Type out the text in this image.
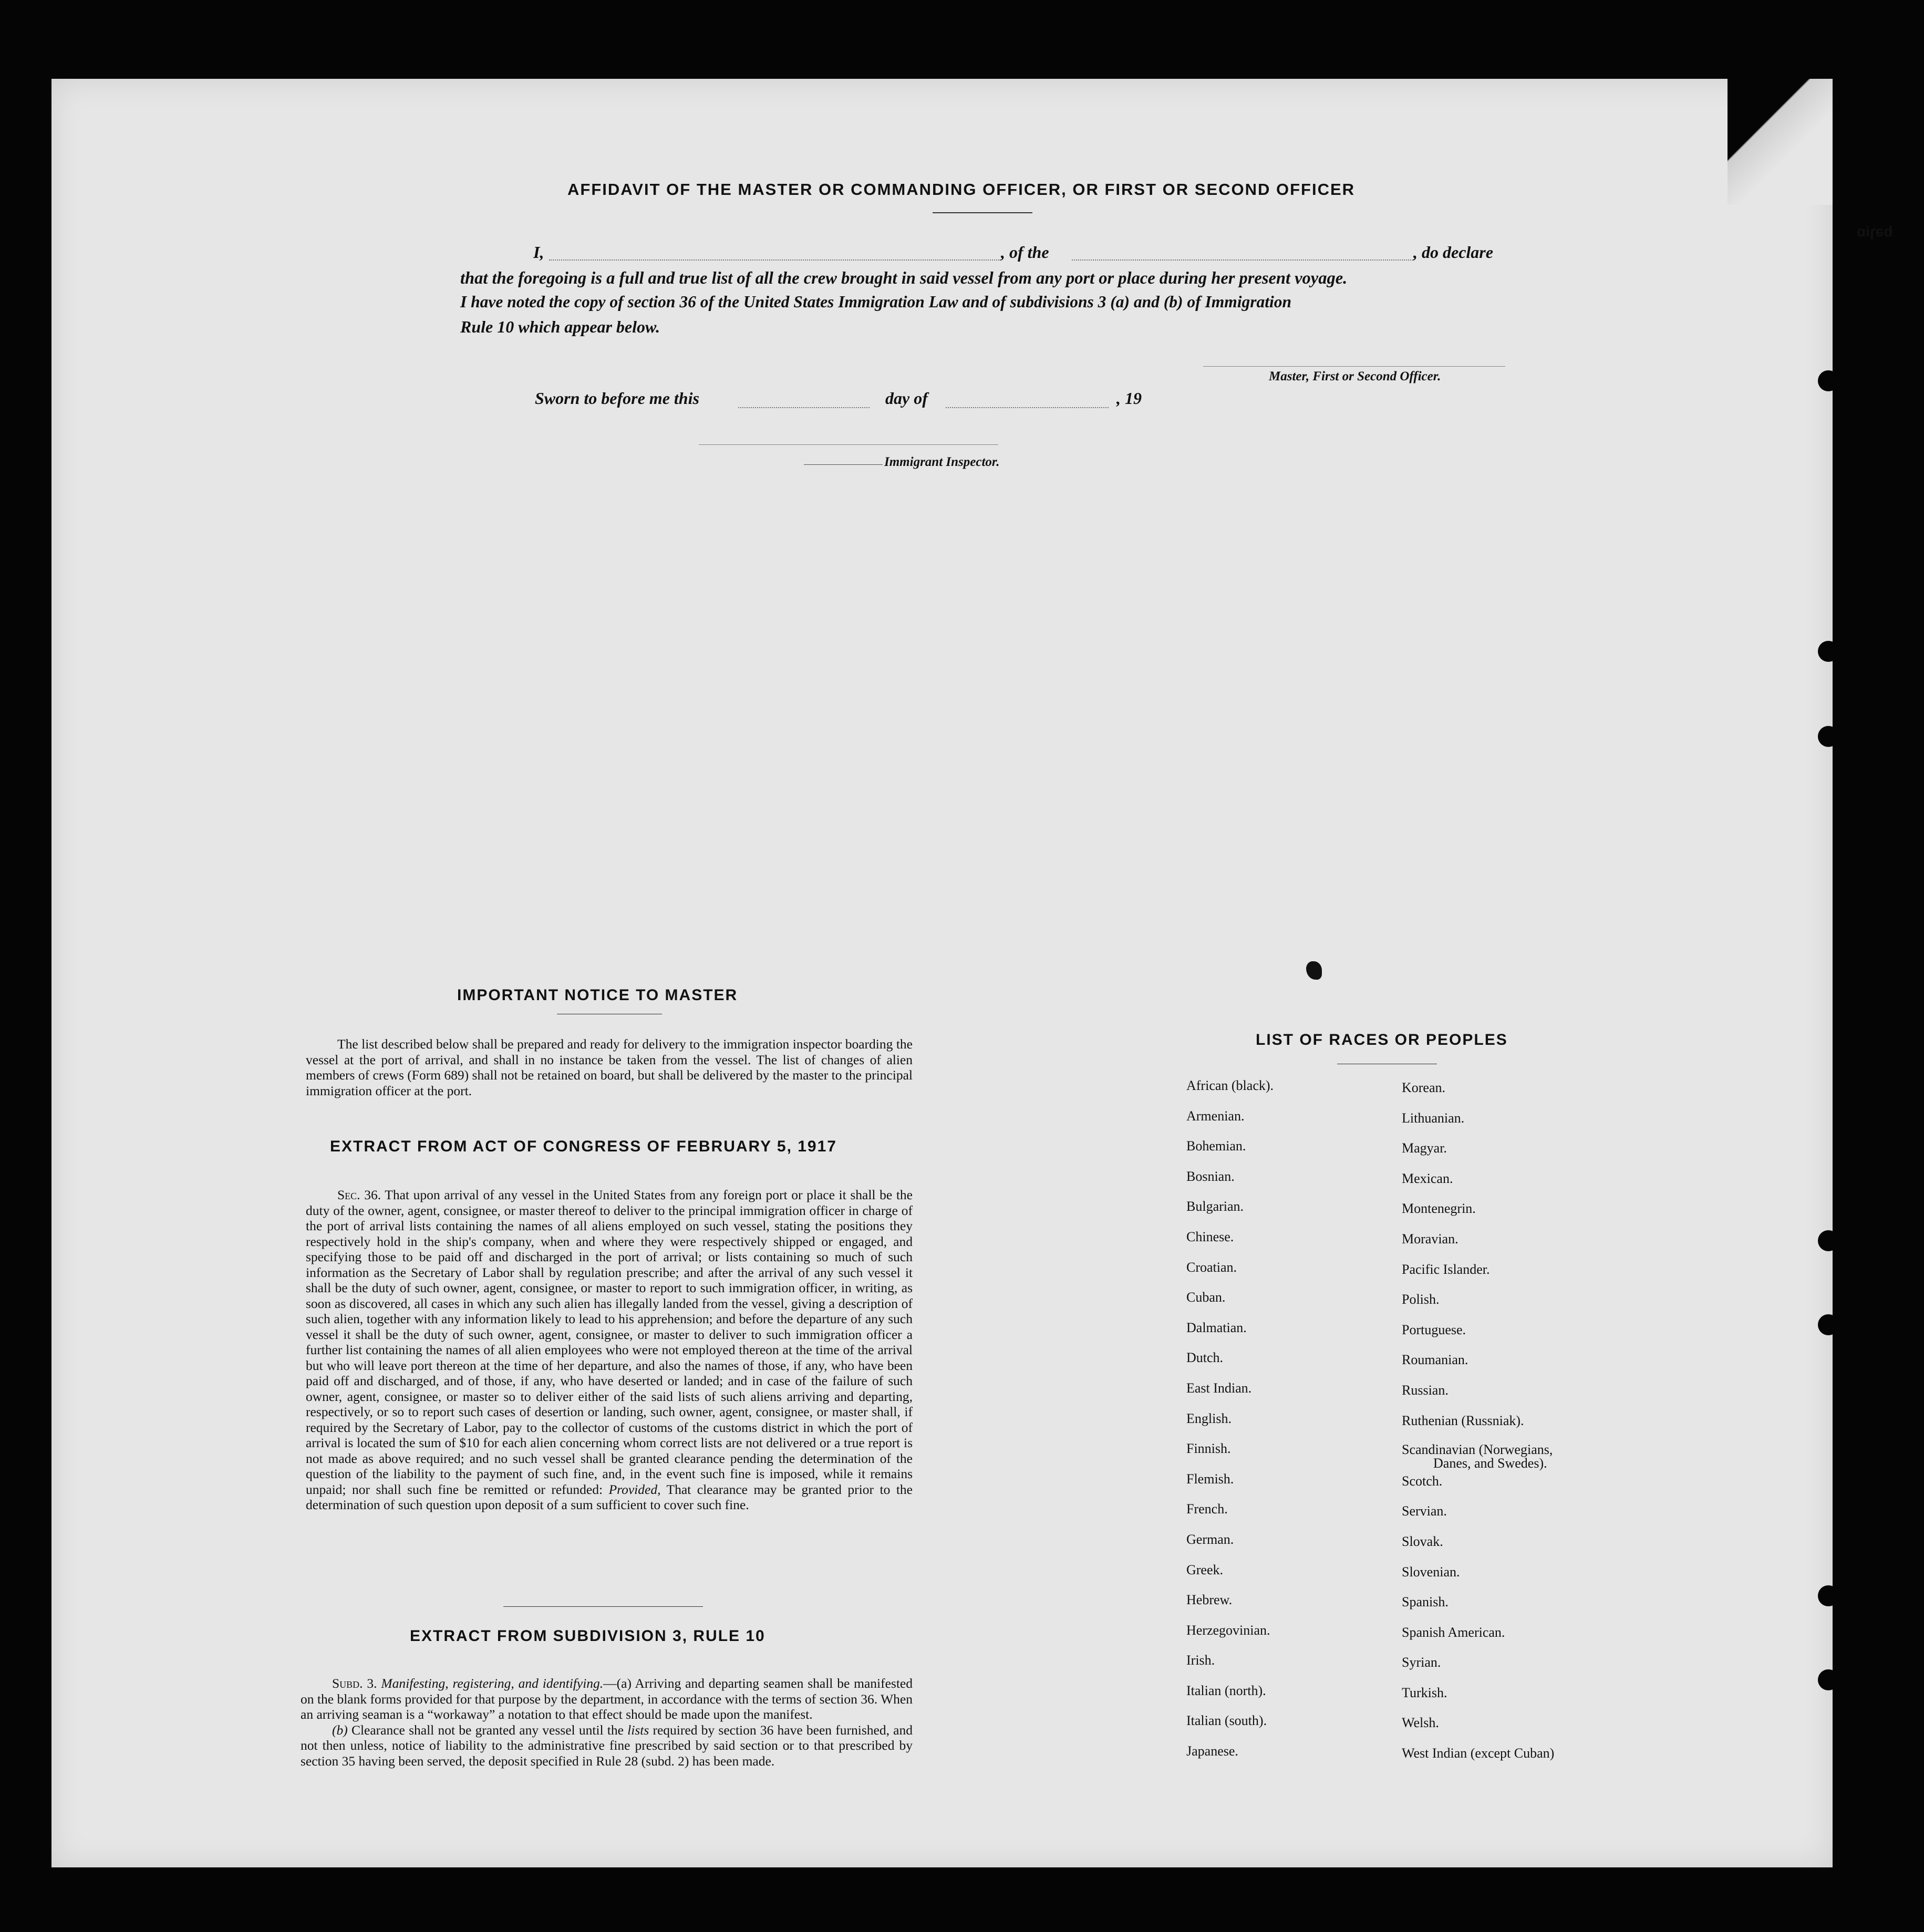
bəɿiɒ
AFFIDAVIT OF THE MASTER OR COMMANDING OFFICER, OR FIRST OR SECOND OFFICER
I,	, of the	, do declare
that the foregoing is a full and true list of all the crew brought in said vessel from any port or place during her present voyage.
I have noted the copy of section 36 of the United States Immigration Law and of subdivisions 3 (a) and (b) of Immigration
Rule 10 which appear below.
Master, First or Second Officer.
Sworn to before me this	day of	, 19
Immigrant Inspector.
IMPORTANT NOTICE TO MASTER

The list described below shall be prepared and ready for delivery to the immigration inspector boarding the vessel at the port of arrival, and shall in no instance be taken from the vessel. The list of changes of alien members of crews (Form 689) shall not be retained on board, but shall be delivered by the master to the principal immigration officer at the port.

EXTRACT FROM ACT OF CONGRESS OF FEBRUARY 5, 1917

Sec. 36. That upon arrival of any vessel in the United States from any foreign port or place it shall be the duty of the owner, agent, consignee, or master thereof to deliver to the principal immigration officer in charge of the port of arrival lists containing the names of all aliens employed on such vessel, stating the positions they respectively hold in the ship's company, when and where they were respectively shipped or engaged, and specifying those to be paid off and discharged in the port of arrival; or lists containing so much of such information as the Secretary of Labor shall by regulation prescribe; and after the arrival of any such vessel it shall be the duty of such owner, agent, consignee, or master to report to such immigration officer, in writing, as soon as discovered, all cases in which any such alien has illegally landed from the vessel, giving a description of such alien, together with any information likely to lead to his apprehension; and before the departure of any such vessel it shall be the duty of such owner, agent, consignee, or master to deliver to such immigration officer a further list containing the names of all alien employees who were not employed thereon at the time of the arrival but who will leave port thereon at the time of her departure, and also the names of those, if any, who have been paid off and discharged, and of those, if any, who have deserted or landed; and in case of the failure of such owner, agent, consignee, or master so to deliver either of the said lists of such aliens arriving and departing, respectively, or so to report such cases of desertion or landing, such owner, agent, consignee, or master shall, if required by the Secretary of Labor, pay to the collector of customs of the customs district in which the port of arrival is located the sum of $10 for each alien concerning whom correct lists are not delivered or a true report is not made as above required; and no such vessel shall be granted clearance pending the determination of the question of the liability to the payment of such fine, and, in the event such fine is imposed, while it remains unpaid; nor shall such fine be remitted or refunded: Provided, That clearance may be granted prior to the determination of such question upon deposit of a sum sufficient to cover such fine.

EXTRACT FROM SUBDIVISION 3, RULE 10

Subd. 3. Manifesting, registering, and identifying.—(a) Arriving and departing seamen shall be manifested on the blank forms provided for that purpose by the department, in accordance with the terms of section 36. When an arriving seaman is a “workaway” a notation to that effect should be made upon the manifest.

(b) Clearance shall not be granted any vessel until the lists required by section 36 have been furnished, and not then unless, notice of liability to the administrative fine prescribed by said section or to that prescribed by section 35 having been served, the deposit specified in Rule 28 (subd. 2) has been made.

LIST OF RACES OR PEOPLES
African (black).
Armenian.
Bohemian.
Bosnian.
Bulgarian.
Chinese.
Croatian.
Cuban.
Dalmatian.
Dutch.
East Indian.
English.
Finnish.
Flemish.
French.
German.
Greek.
Hebrew.
Herzegovinian.
Irish.
Italian (north).
Italian (south).
Japanese.
Korean.
Lithuanian.
Magyar.
Mexican.
Montenegrin.
Moravian.
Pacific Islander.
Polish.
Portuguese.
Roumanian.
Russian.
Ruthenian (Russniak).
Scandinavian (Norwegians,
Danes, and Swedes).
Scotch.
Servian.
Slovak.
Slovenian.
Spanish.
Spanish American.
Syrian.
Turkish.
Welsh.
West Indian (except Cuban)
